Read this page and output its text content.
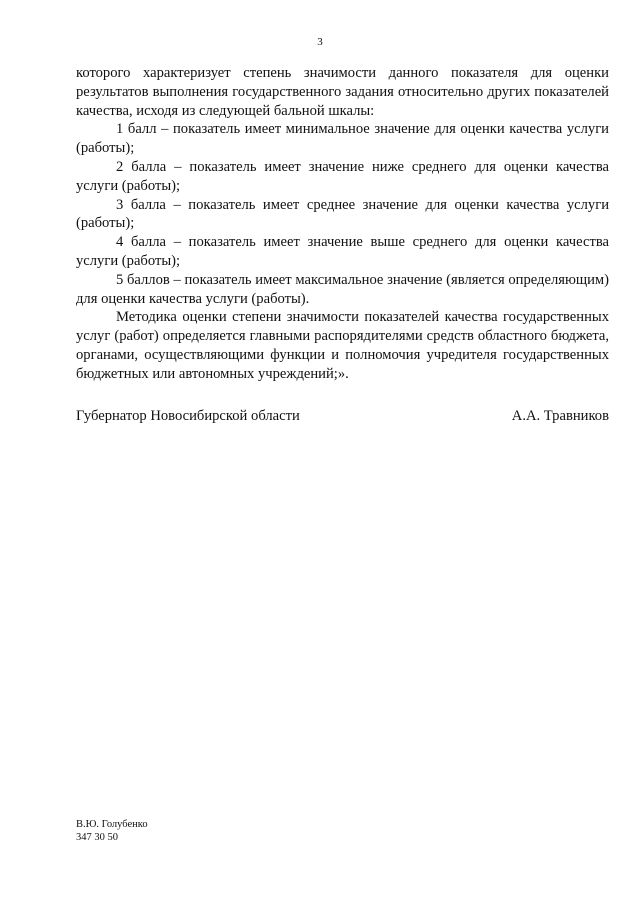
3

которого характеризует степень значимости данного показателя для оценки результатов выполнения государственного задания относительно других показателей качества, исходя из следующей бальной шкалы:

1 балл – показатель имеет минимальное значение для оценки качества услуги (работы);

2 балла – показатель имеет значение ниже среднего для оценки качества услуги (работы);

3 балла – показатель имеет среднее значение для оценки качества услуги (работы);

4 балла – показатель имеет значение выше среднего для оценки качества услуги (работы);

5 баллов – показатель имеет максимальное значение (является определяющим) для оценки качества услуги (работы).

Методика оценки степени значимости показателей качества государственных услуг (работ) определяется главными распорядителями средств областного бюджета, органами, осуществляющими функции и полномочия учредителя государственных бюджетных или автономных учреждений;».

Губернатор Новосибирской области	А.А. Травников
В.Ю. Голубенко
347 30 50
